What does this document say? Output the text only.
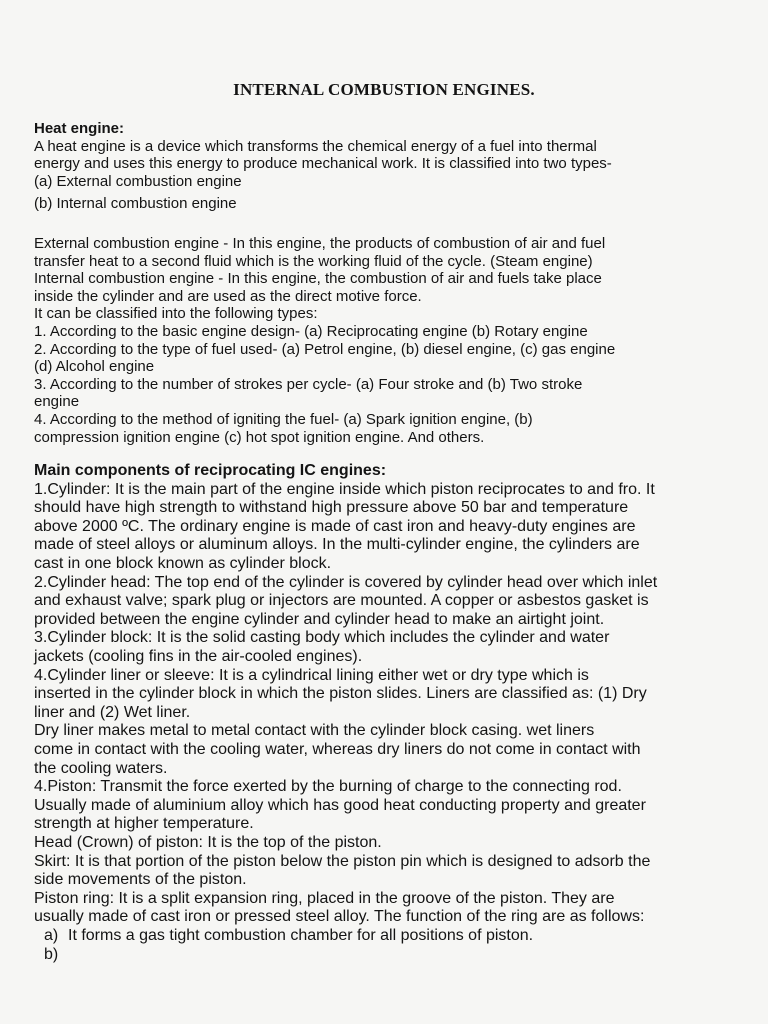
INTERNAL COMBUSTION ENGINES.
Heat engine:
A heat engine is a device which transforms the chemical energy of a fuel into thermal
energy and uses this energy to produce mechanical work. It is classified into two types-
(a) External combustion engine
(b) Internal combustion engine
External combustion engine - In this engine, the products of combustion of air and fuel
transfer heat to a second fluid which is the working fluid of the cycle. (Steam engine)
Internal combustion engine - In this engine, the combustion of air and fuels take place
inside the cylinder and are used as the direct motive force.
It can be classified into the following types:
1. According to the basic engine design- (a) Reciprocating engine (b) Rotary engine
2. According to the type of fuel used- (a) Petrol engine, (b) diesel engine, (c) gas engine
(d) Alcohol engine
3. According to the number of strokes per cycle- (a) Four stroke and (b) Two stroke
engine
4. According to the method of igniting the fuel- (a) Spark ignition engine, (b)
compression ignition engine (c) hot spot ignition engine. And others.
Main components of reciprocating IC engines:
1.Cylinder: It is the main part of the engine inside which piston reciprocates to and fro. It
should have high strength to withstand high pressure above 50 bar and temperature
above 2000 ºC. The ordinary engine is made of cast iron and heavy-duty engines are
made of steel alloys or aluminum alloys. In the multi-cylinder engine, the cylinders are
cast in one block known as cylinder block.
2.Cylinder head: The top end of the cylinder is covered by cylinder head over which inlet
and exhaust valve; spark plug or injectors are mounted. A copper or asbestos gasket is
provided between the engine cylinder and cylinder head to make an airtight joint.
3.Cylinder block: It is the solid casting body which includes the cylinder and water
jackets (cooling fins in the air-cooled engines).
4.Cylinder liner or sleeve: It is a cylindrical lining either wet or dry type which is
inserted in the cylinder block in which the piston slides. Liners are classified as: (1) Dry
liner and (2) Wet liner.
Dry liner makes metal to metal contact with the cylinder block casing. wet liners
come in contact with the cooling water, whereas dry liners do not come in contact with
the cooling waters.
4.Piston: Transmit the force exerted by the burning of charge to the connecting rod.
Usually made of aluminium alloy which has good heat conducting property and greater
strength at higher temperature.
Head (Crown) of piston: It is the top of the piston.
Skirt: It is that portion of the piston below the piston pin which is designed to adsorb the
side movements of the piston.
Piston ring: It is a split expansion ring, placed in the groove of the piston. They are
usually made of cast iron or pressed steel alloy. The function of the ring are as follows:
a) It forms a gas tight combustion chamber for all positions of piston.
b)
